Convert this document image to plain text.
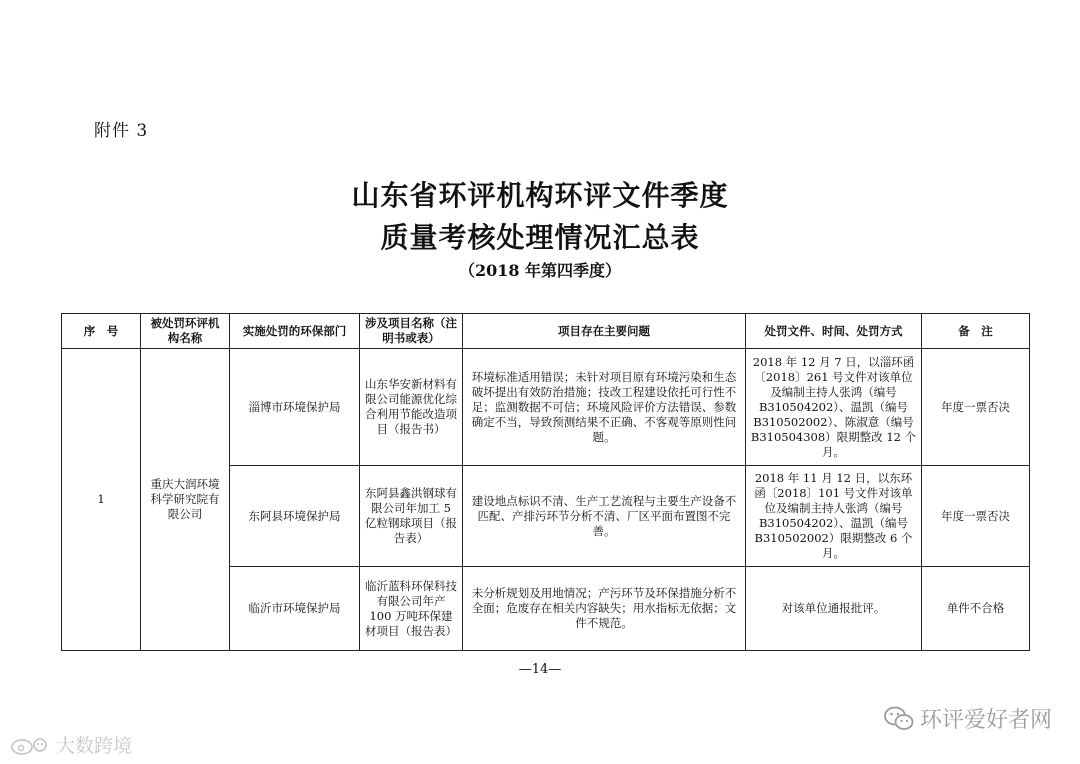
附件 3
山东省环评机构环评文件季度
质量考核处理情况汇总表
（2018 年第四季度）
序　号	被处罚环评机构名称	实施处罚的环保部门	涉及项目名称（注明书或表）	项目存在主要问题	处罚文件、时间、处罚方式	备　注
1	重庆大润环境科学研究院有限公司	淄博市环境保护局	山东华安新材料有限公司能源优化综合利用节能改造项目（报告书）	环境标准适用错误；未针对项目原有环境污染和生态破坏提出有效防治措施；技改工程建设依托可行性不足；监测数据不可信；环境风险评价方法错误、参数确定不当，导致预测结果不正确、不客观等原则性问题。	2018 年 12 月 7 日，以淄环函〔2018〕261 号文件对该单位及编制主持人张鸿（编号 B310504202）、温凯（编号 B310502002）、陈淑意（编号 B310504308）限期整改 12 个月。	年度一票否决
		东阿县环境保护局	东阿县鑫洪钢球有限公司年加工 5 亿粒钢球项目（报告表）	建设地点标识不清、生产工艺流程与主要生产设备不匹配、产排污环节分析不清、厂区平面布置图不完善。	2018 年 11 月 12 日，以东环函〔2018〕101 号文件对该单位及编制主持人张鸿（编号 B310504202）、温凯（编号 B310502002）限期整改 6 个月。	年度一票否决
		临沂市环境保护局	临沂蓝科环保科技有限公司年产 100 万吨环保建材项目（报告表）	未分析规划及用地情况；产污环节及环保措施分析不全面；危废存在相关内容缺失；用水指标无依据；文件不规范。	对该单位通报批评。	单件不合格
—14—
环评爱好者网
大数跨境
